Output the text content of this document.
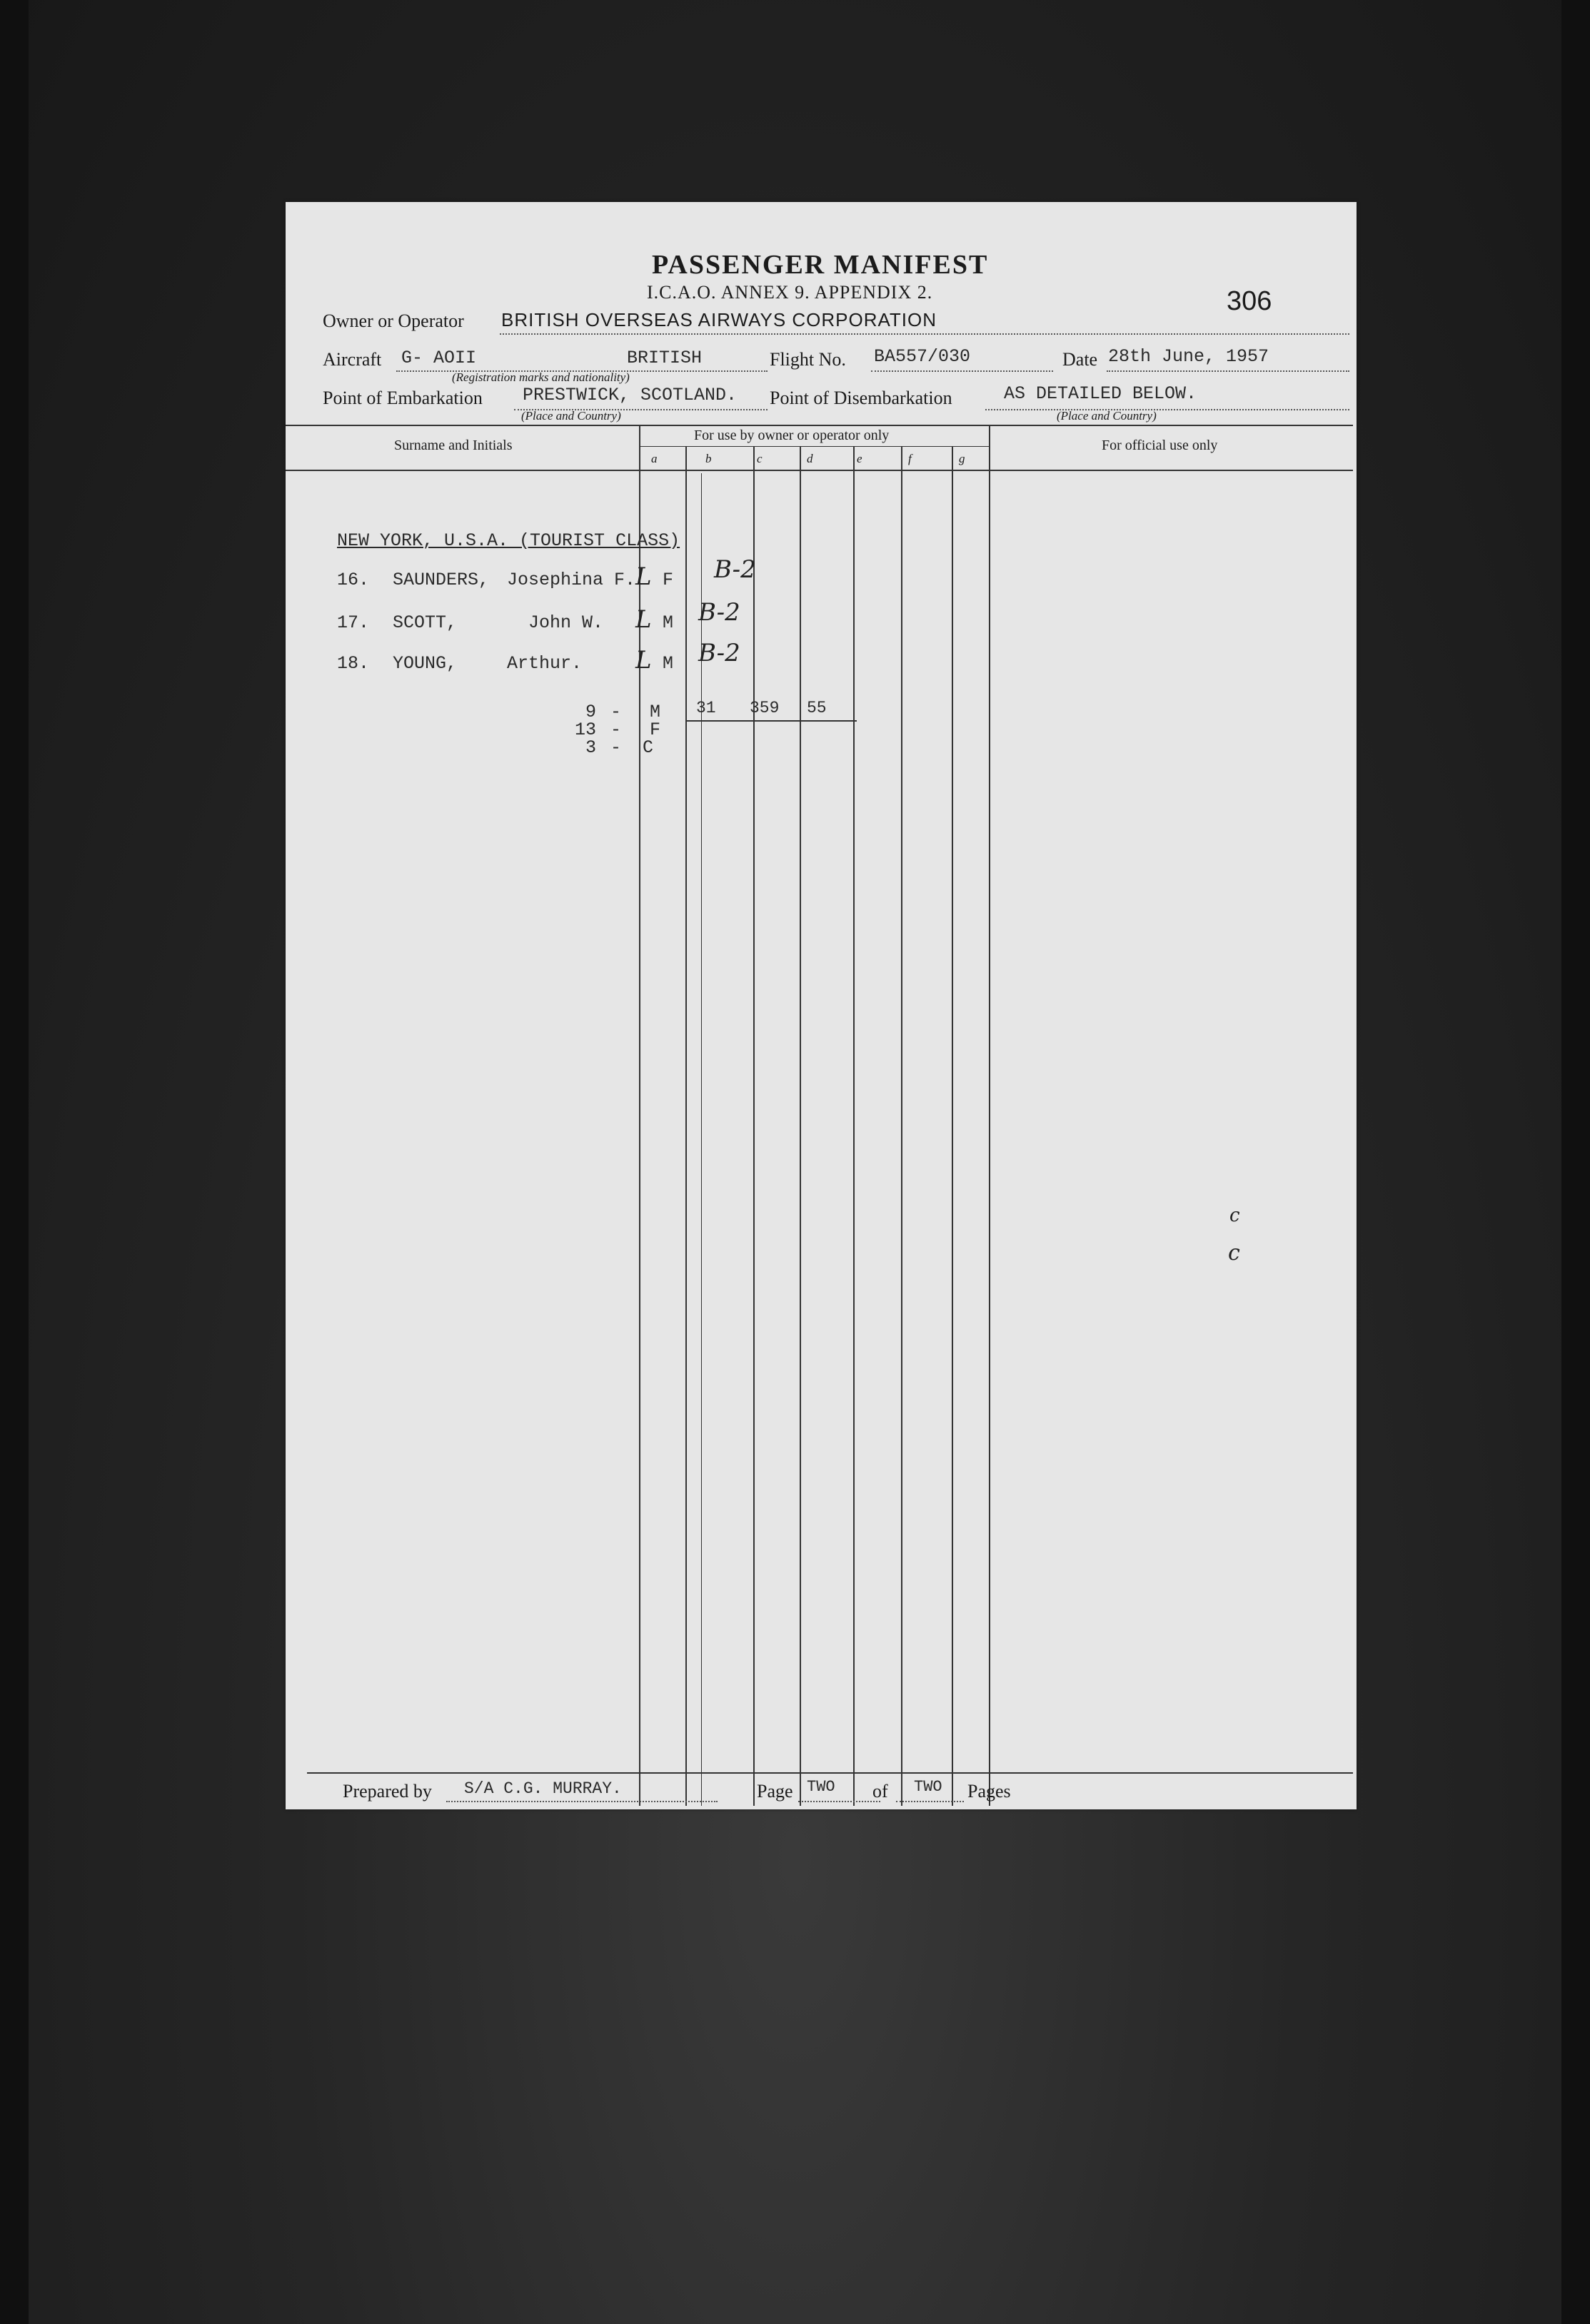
PASSENGER MANIFEST
I.C.A.O. ANNEX 9. APPENDIX 2.	306
Owner or Operator BRITISH OVERSEAS AIRWAYS CORPORATION
Aircraft G- AOII	BRITISH
(Registration marks and nationality)
Flight No. BA557/030	Date 28th June, 1957
Point of Embarkation PRESTWICK, SCOTLAND.
(Place and Country)
Point of Disembarkation	AS DETAILED BELOW.
(Place and Country)
Surname and Initials
For use by owner or operator only
For official use only
a	b	c	d	e	f	g
NEW YORK, U.S.A. (TOURIST CLASS)
16. SAUNDERS, Josephina F. L F B-2
17. SCOTT,	John W. L M B-2
18. YOUNG,	Arthur. L M B-2
9 - M
13 - F
3 - C
31 359 55
c
c
Prepared by S/A C.G. MURRAY.	Page TWO of TWO Pages
